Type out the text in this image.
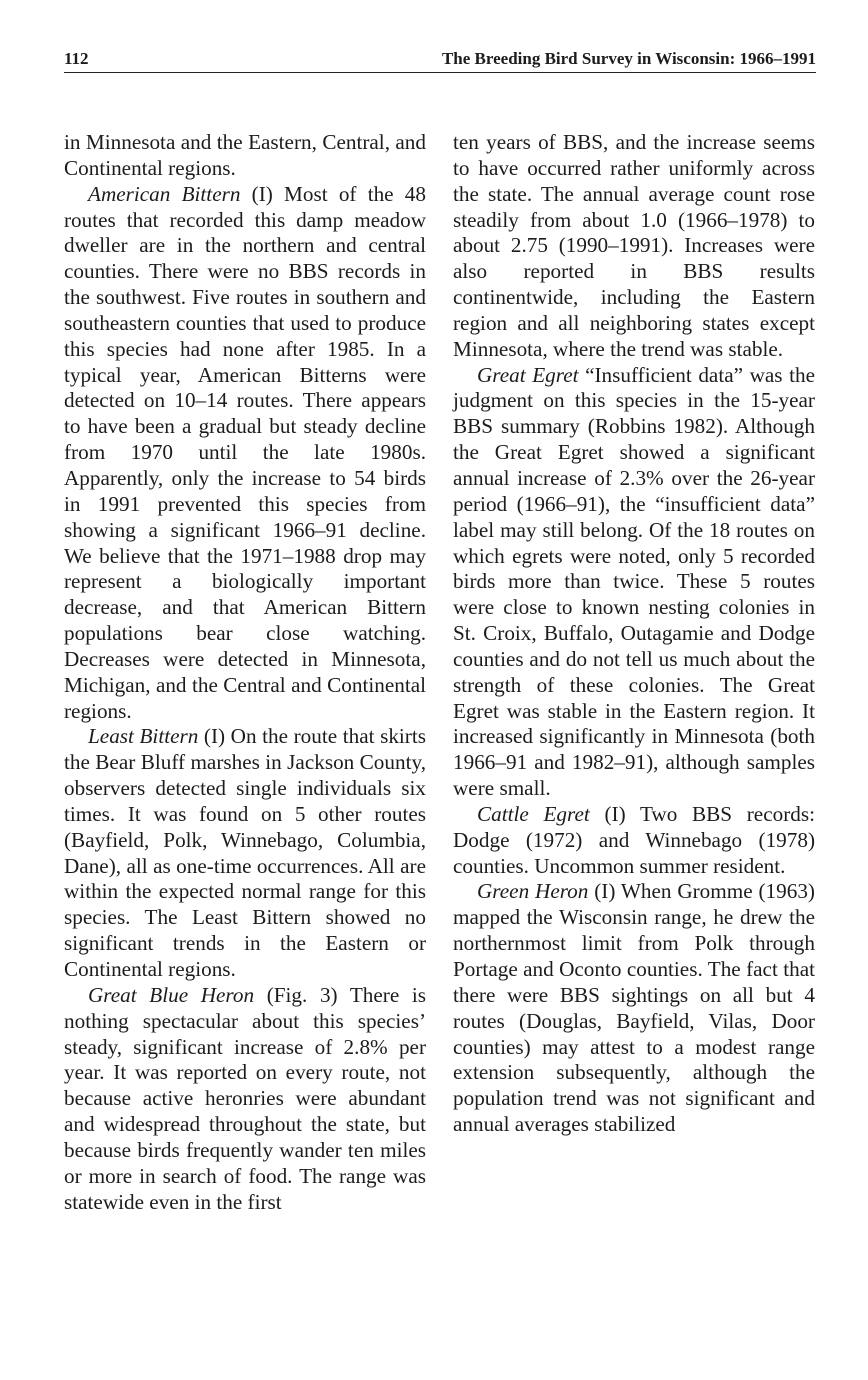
112	The Breeding Bird Survey in Wisconsin: 1966–1991

in Minnesota and the Eastern, Central, and Continental regions.

American Bittern (I) Most of the 48 routes that recorded this damp meadow dweller are in the northern and central counties. There were no BBS records in the southwest. Five routes in southern and southeastern counties that used to produce this species had none after 1985. In a typical year, American Bitterns were detected on 10–14 routes. There appears to have been a gradual but steady decline from 1970 until the late 1980s. Apparently, only the increase to 54 birds in 1991 prevented this species from showing a significant 1966–91 decline. We believe that the 1971–1988 drop may represent a biologically important decrease, and that American Bittern populations bear close watching. Decreases were detected in Minnesota, Michigan, and the Central and Continental regions.

Least Bittern (I) On the route that skirts the Bear Bluff marshes in Jackson County, observers detected single individuals six times. It was found on 5 other routes (Bayfield, Polk, Winnebago, Columbia, Dane), all as one-time occurrences. All are within the expected normal range for this species. The Least Bittern showed no significant trends in the Eastern or Continental regions.

Great Blue Heron (Fig. 3) There is nothing spectacular about this species’ steady, significant increase of 2.8% per year. It was reported on every route, not because active heronries were abundant and widespread throughout the state, but because birds frequently wander ten miles or more in search of food. The range was statewide even in the first

ten years of BBS, and the increase seems to have occurred rather uniformly across the state. The annual average count rose steadily from about 1.0 (1966–1978) to about 2.75 (1990–1991). Increases were also reported in BBS results continentwide, including the Eastern region and all neighboring states except Minnesota, where the trend was stable.

Great Egret “Insufficient data” was the judgment on this species in the 15-year BBS summary (Robbins 1982). Although the Great Egret showed a significant annual increase of 2.3% over the 26-year period (1966–91), the “insufficient data” label may still belong. Of the 18 routes on which egrets were noted, only 5 recorded birds more than twice. These 5 routes were close to known nesting colonies in St. Croix, Buffalo, Outagamie and Dodge counties and do not tell us much about the strength of these colonies. The Great Egret was stable in the Eastern region. It increased significantly in Minnesota (both 1966–91 and 1982–91), although samples were small.

Cattle Egret (I) Two BBS records: Dodge (1972) and Winnebago (1978) counties. Uncommon summer resident.

Green Heron (I) When Gromme (1963) mapped the Wisconsin range, he drew the northernmost limit from Polk through Portage and Oconto counties. The fact that there were BBS sightings on all but 4 routes (Douglas, Bayfield, Vilas, Door counties) may attest to a modest range extension subsequently, although the population trend was not significant and annual averages stabilized
